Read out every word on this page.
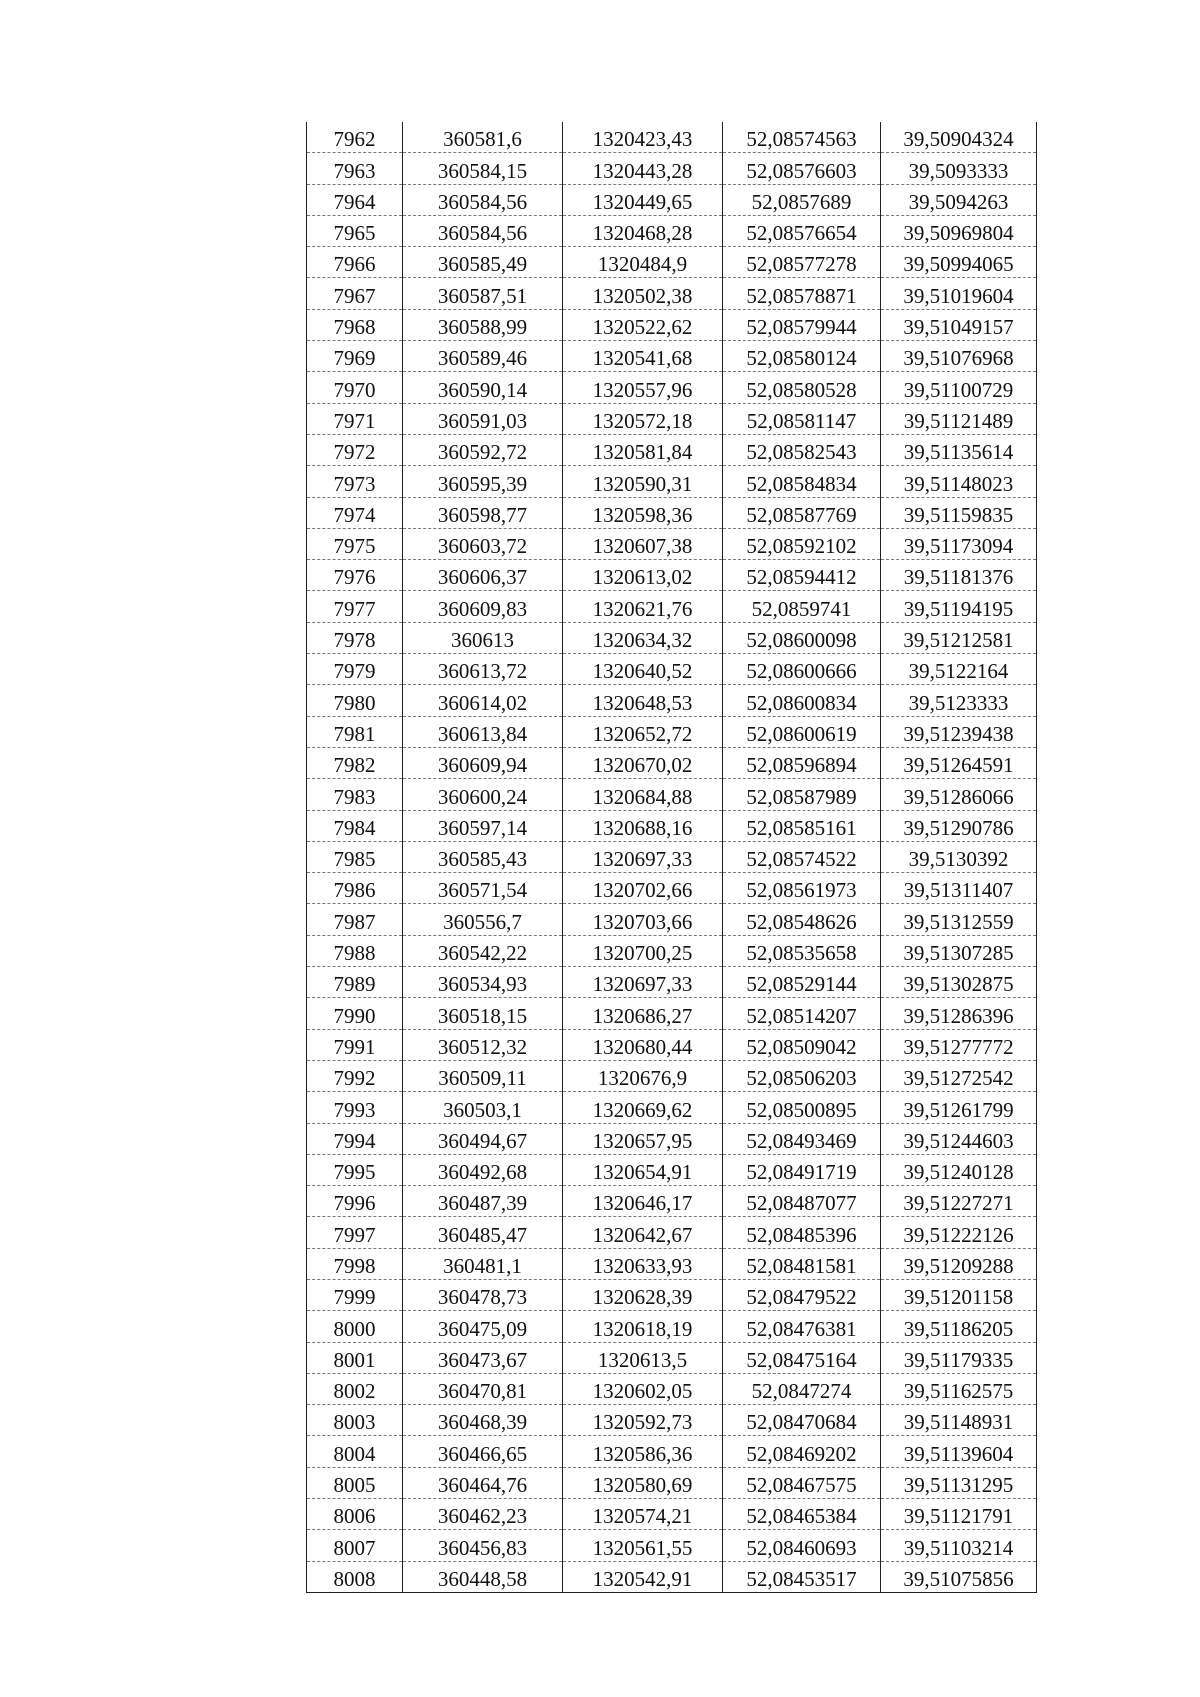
7962	360581,6	1320423,43	52,08574563	39,50904324
7963	360584,15	1320443,28	52,08576603	39,5093333
7964	360584,56	1320449,65	52,0857689	39,5094263
7965	360584,56	1320468,28	52,08576654	39,50969804
7966	360585,49	1320484,9	52,08577278	39,50994065
7967	360587,51	1320502,38	52,08578871	39,51019604
7968	360588,99	1320522,62	52,08579944	39,51049157
7969	360589,46	1320541,68	52,08580124	39,51076968
7970	360590,14	1320557,96	52,08580528	39,51100729
7971	360591,03	1320572,18	52,08581147	39,51121489
7972	360592,72	1320581,84	52,08582543	39,51135614
7973	360595,39	1320590,31	52,08584834	39,51148023
7974	360598,77	1320598,36	52,08587769	39,51159835
7975	360603,72	1320607,38	52,08592102	39,51173094
7976	360606,37	1320613,02	52,08594412	39,51181376
7977	360609,83	1320621,76	52,0859741	39,51194195
7978	360613	1320634,32	52,08600098	39,51212581
7979	360613,72	1320640,52	52,08600666	39,5122164
7980	360614,02	1320648,53	52,08600834	39,5123333
7981	360613,84	1320652,72	52,08600619	39,51239438
7982	360609,94	1320670,02	52,08596894	39,51264591
7983	360600,24	1320684,88	52,08587989	39,51286066
7984	360597,14	1320688,16	52,08585161	39,51290786
7985	360585,43	1320697,33	52,08574522	39,5130392
7986	360571,54	1320702,66	52,08561973	39,51311407
7987	360556,7	1320703,66	52,08548626	39,51312559
7988	360542,22	1320700,25	52,08535658	39,51307285
7989	360534,93	1320697,33	52,08529144	39,51302875
7990	360518,15	1320686,27	52,08514207	39,51286396
7991	360512,32	1320680,44	52,08509042	39,51277772
7992	360509,11	1320676,9	52,08506203	39,51272542
7993	360503,1	1320669,62	52,08500895	39,51261799
7994	360494,67	1320657,95	52,08493469	39,51244603
7995	360492,68	1320654,91	52,08491719	39,51240128
7996	360487,39	1320646,17	52,08487077	39,51227271
7997	360485,47	1320642,67	52,08485396	39,51222126
7998	360481,1	1320633,93	52,08481581	39,51209288
7999	360478,73	1320628,39	52,08479522	39,51201158
8000	360475,09	1320618,19	52,08476381	39,51186205
8001	360473,67	1320613,5	52,08475164	39,51179335
8002	360470,81	1320602,05	52,0847274	39,51162575
8003	360468,39	1320592,73	52,08470684	39,51148931
8004	360466,65	1320586,36	52,08469202	39,51139604
8005	360464,76	1320580,69	52,08467575	39,51131295
8006	360462,23	1320574,21	52,08465384	39,51121791
8007	360456,83	1320561,55	52,08460693	39,51103214
8008	360448,58	1320542,91	52,08453517	39,51075856
